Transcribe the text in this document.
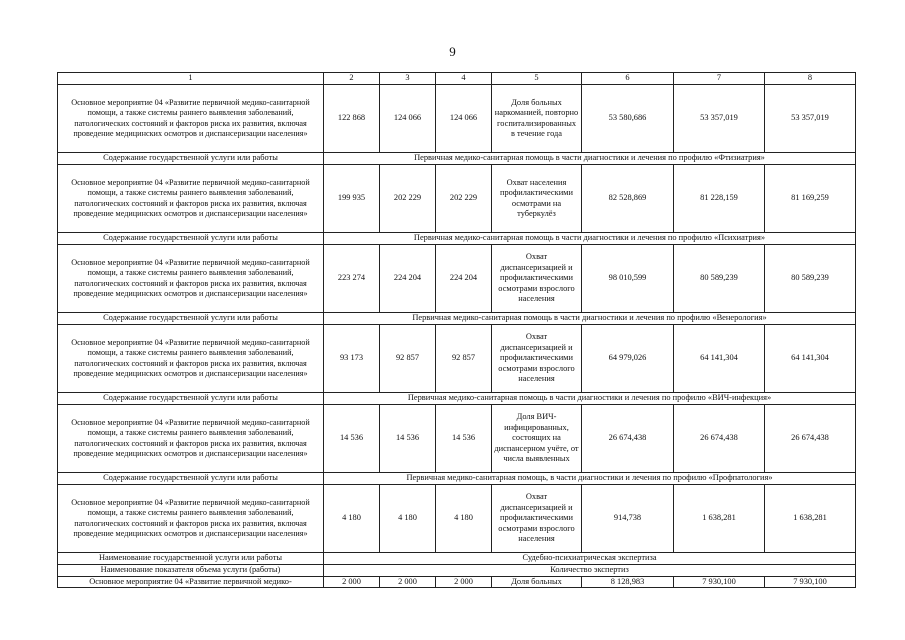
9
1	2	3	4	5	6	7	8
Основное мероприятие 04 «Развитие первичной медико-санитарной помощи, а также системы раннего выявления заболеваний, патологических состояний и факторов риска их развития, включая проведение медицинских осмотров и диспансеризации населения»	122 868	124 066	124 066	Доля больных наркоманией, повторно госпитализированных в течение года	53 580,686	53 357,019	53 357,019
Содержание государственной услуги или работы	Первичная медико-санитарная помощь в части диагностики и лечения по профилю «Фтизиатрия»						
Основное мероприятие 04 «Развитие первичной медико-санитарной помощи, а также системы раннего выявления заболеваний, патологических состояний и факторов риска их развития, включая проведение медицинских осмотров и диспансеризации населения»	199 935	202 229	202 229	Охват населения профилактическими осмотрами на туберкулёз	82 528,869	81 228,159	81 169,259
Содержание государственной услуги или работы	Первичная медико-санитарная помощь в части диагностики и лечения по профилю «Психиатрия»						
Основное мероприятие 04 «Развитие первичной медико-санитарной помощи, а также системы раннего выявления заболеваний, патологических состояний и факторов риска их развития, включая проведение медицинских осмотров и диспансеризации населения»	223 274	224 204	224 204	Охват диспансеризацией и профилактическими осмотрами взрослого населения	98 010,599	80 589,239	80 589,239
Содержание государственной услуги или работы	Первичная медико-санитарная помощь в части диагностики и лечения по профилю «Венерология»						
Основное мероприятие 04 «Развитие первичной медико-санитарной помощи, а также системы раннего выявления заболеваний, патологических состояний и факторов риска их развития, включая проведение медицинских осмотров и диспансеризации населения»	93 173	92 857	92 857	Охват диспансеризацией и профилактическими осмотрами взрослого населения	64 979,026	64 141,304	64 141,304
Содержание государственной услуги или работы	Первичная медико-санитарная помощь в части диагностики и лечения по профилю «ВИЧ-инфекция»						
Основное мероприятие 04 «Развитие первичной медико-санитарной помощи, а также системы раннего выявления заболеваний, патологических состояний и факторов риска их развития, включая проведение медицинских осмотров и диспансеризации населения»	14 536	14 536	14 536	Доля ВИЧ-инфицированных, состоящих на диспансерном учёте, от числа выявленных	26 674,438	26 674,438	26 674,438
Содержание государственной услуги или работы	Первичная медико-санитарная помощь, в части диагностики и лечения по профилю «Профпатология»						
Основное мероприятие 04 «Развитие первичной медико-санитарной помощи, а также системы раннего выявления заболеваний, патологических состояний и факторов риска их развития, включая проведение медицинских осмотров и диспансеризации населения»	4 180	4 180	4 180	Охват диспансеризацией и профилактическими осмотрами взрослого населения	914,738	1 638,281	1 638,281
Наименование государственной услуги или работы	Судебно-психиатрическая экспертиза						
Наименование показателя объема услуги (работы)	Количество экспертиз						
Основное мероприятие 04 «Развитие первичной медико-	2 000	2 000	2 000	Доля больных	8 128,983	7 930,100	7 930,100
